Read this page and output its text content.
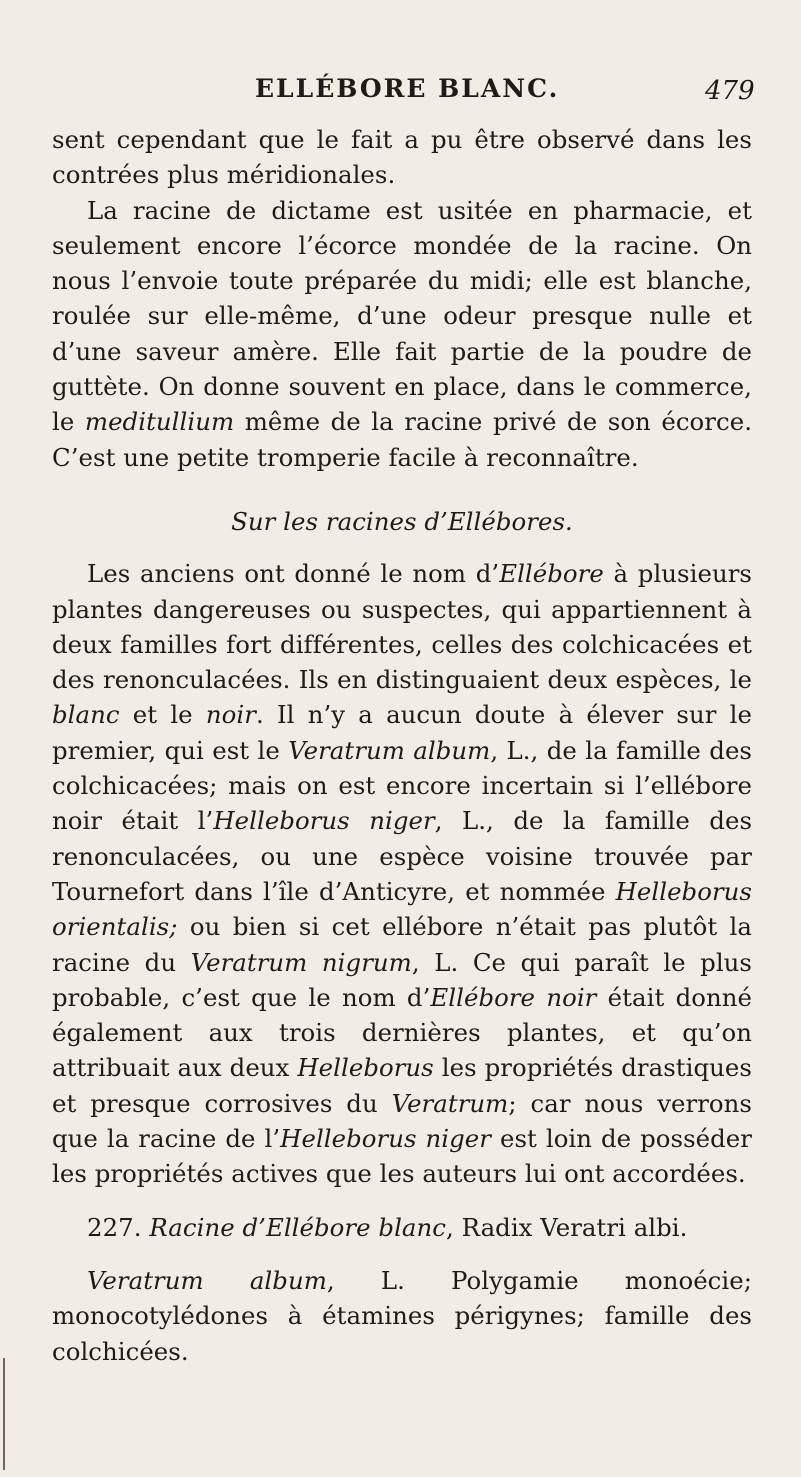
ELLÉBORE BLANC.	479

sent cependant que le fait a pu être observé dans les contrées plus méridionales.

La racine de dictame est usitée en pharmacie, et seulement encore l’écorce mondée de la racine. On nous l’envoie toute préparée du midi; elle est blanche, roulée sur elle-même, d’une odeur presque nulle et d’une saveur amère. Elle fait partie de la poudre de guttète. On donne souvent en place, dans le commerce, le meditullium même de la racine privé de son écorce. C’est une petite tromperie facile à reconnaître.

Sur les racines d’Ellébores.

Les anciens ont donné le nom d’Ellébore à plusieurs plantes dangereuses ou suspectes, qui appartiennent à deux familles fort différentes, celles des colchicacées et des renonculacées. Ils en distinguaient deux espèces, le blanc et le noir. Il n’y a aucun doute à élever sur le premier, qui est le Veratrum album, L., de la famille des colchicacées; mais on est encore incertain si l’ellébore noir était l’Helleborus niger, L., de la famille des renonculacées, ou une espèce voisine trouvée par Tournefort dans l’île d’Anticyre, et nommée Helleborus orientalis; ou bien si cet ellébore n’était pas plutôt la racine du Veratrum nigrum, L. Ce qui paraît le plus probable, c’est que le nom d’Ellébore noir était donné également aux trois dernières plantes, et qu’on attribuait aux deux Helleborus les propriétés drastiques et presque corrosives du Veratrum; car nous verrons que la racine de l’Helleborus niger est loin de posséder les propriétés actives que les auteurs lui ont accordées.

227. Racine d’Ellébore blanc, Radix Veratri albi.

Veratrum album, L. Polygamie monoécie; monocotylédones à étamines périgynes; famille des colchicées.
